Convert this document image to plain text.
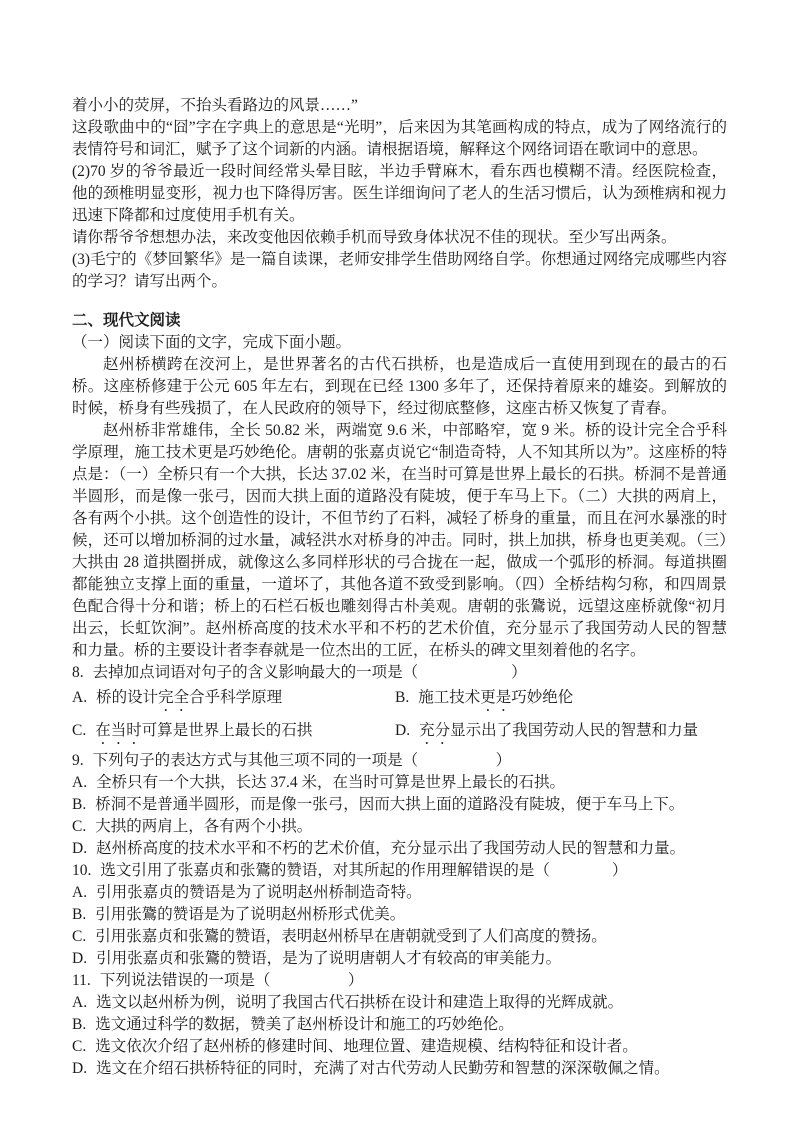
着小小的荧屏，不抬头看路边的风景……”

这段歌曲中的“囧”字在字典上的意思是“光明”，后来因为其笔画构成的特点，成为了网络流行的表情符号和词汇，赋予了这个词新的内涵。请根据语境，解释这个网络词语在歌词中的意思。

(2)70 岁的爷爷最近一段时间经常头晕目眩，半边手臂麻木，看东西也模糊不清。经医院检查，他的颈椎明显变形，视力也下降得厉害。医生详细询问了老人的生活习惯后，认为颈椎病和视力迅速下降都和过度使用手机有关。

请你帮爷爷想想办法，来改变他因依赖手机而导致身体状况不佳的现状。至少写出两条。

(3)毛宁的《梦回繁华》是一篇自读课，老师安排学生借助网络自学。你想通过网络完成哪些内容的学习？请写出两个。

二、现代文阅读

（一）阅读下面的文字，完成下面小题。

赵州桥横跨在洨河上，是世界著名的古代石拱桥，也是造成后一直使用到现在的最古的石桥。这座桥修建于公元 605 年左右，到现在已经 1300 多年了，还保持着原来的雄姿。到解放的时候，桥身有些残损了，在人民政府的领导下，经过彻底整修，这座古桥又恢复了青春。

赵州桥非常雄伟，全长 50.82 米，两端宽 9.6 米，中部略窄，宽 9 米。桥的设计完全合乎科学原理，施工技术更是巧妙绝伦。唐朝的张嘉贞说它“制造奇特，人不知其所以为”。这座桥的特点是：（一）全桥只有一个大拱，长达 37.02 米，在当时可算是世界上最长的石拱。桥洞不是普通半圆形，而是像一张弓，因而大拱上面的道路没有陡坡，便于车马上下。（二）大拱的两肩上，各有两个小拱。这个创造性的设计，不但节约了石料，减轻了桥身的重量，而且在河水暴涨的时候，还可以增加桥洞的过水量，减轻洪水对桥身的冲击。同时，拱上加拱，桥身也更美观。（三）大拱由 28 道拱圈拼成，就像这么多同样形状的弓合拢在一起，做成一个弧形的桥洞。每道拱圈都能独立支撑上面的重量，一道坏了，其他各道不致受到影响。（四）全桥结构匀称，和四周景色配合得十分和谐；桥上的石栏石板也雕刻得古朴美观。唐朝的张鷟说，远望这座桥就像“初月出云，长虹饮涧”。赵州桥高度的技术水平和不朽的艺术价值，充分显示了我国劳动人民的智慧和力量。桥的主要设计者李春就是一位杰出的工匠，在桥头的碑文里刻着他的名字。

8. 去掉加点词语对句子的含义影响最大的一项是（　　　　　　）

A. 桥的设计完全合乎科学原理	B. 施工技术更是巧妙绝伦

C. 在当时可算是世界上最长的石拱	D. 充分显示出了我国劳动人民的智慧和力量

9. 下列句子的表达方式与其他三项不同的一项是（　　　　　）

A. 全桥只有一个大拱，长达 37.4 米，在当时可算是世界上最长的石拱。

B. 桥洞不是普通半圆形，而是像一张弓，因而大拱上面的道路没有陡坡，便于车马上下。

C. 大拱的两肩上，各有两个小拱。

D. 赵州桥高度的技术水平和不朽的艺术价值，充分显示出了我国劳动人民的智慧和力量。

10. 选文引用了张嘉贞和张鷟的赞语，对其所起的作用理解错误的是（　　　　）

A. 引用张嘉贞的赞语是为了说明赵州桥制造奇特。

B. 引用张鷟的赞语是为了说明赵州桥形式优美。

C. 引用张嘉贞和张鷟的赞语，表明赵州桥早在唐朝就受到了人们高度的赞扬。

D. 引用张嘉贞和张鷟的赞语，是为了说明唐朝人才有较高的审美能力。

11. 下列说法错误的一项是（　　　　　）

A. 选文以赵州桥为例，说明了我国古代石拱桥在设计和建造上取得的光辉成就。

B. 选文通过科学的数据，赞美了赵州桥设计和施工的巧妙绝伦。

C. 选文依次介绍了赵州桥的修建时间、地理位置、建造规模、结构特征和设计者。

D. 选文在介绍石拱桥特征的同时，充满了对古代劳动人民勤劳和智慧的深深敬佩之情。
